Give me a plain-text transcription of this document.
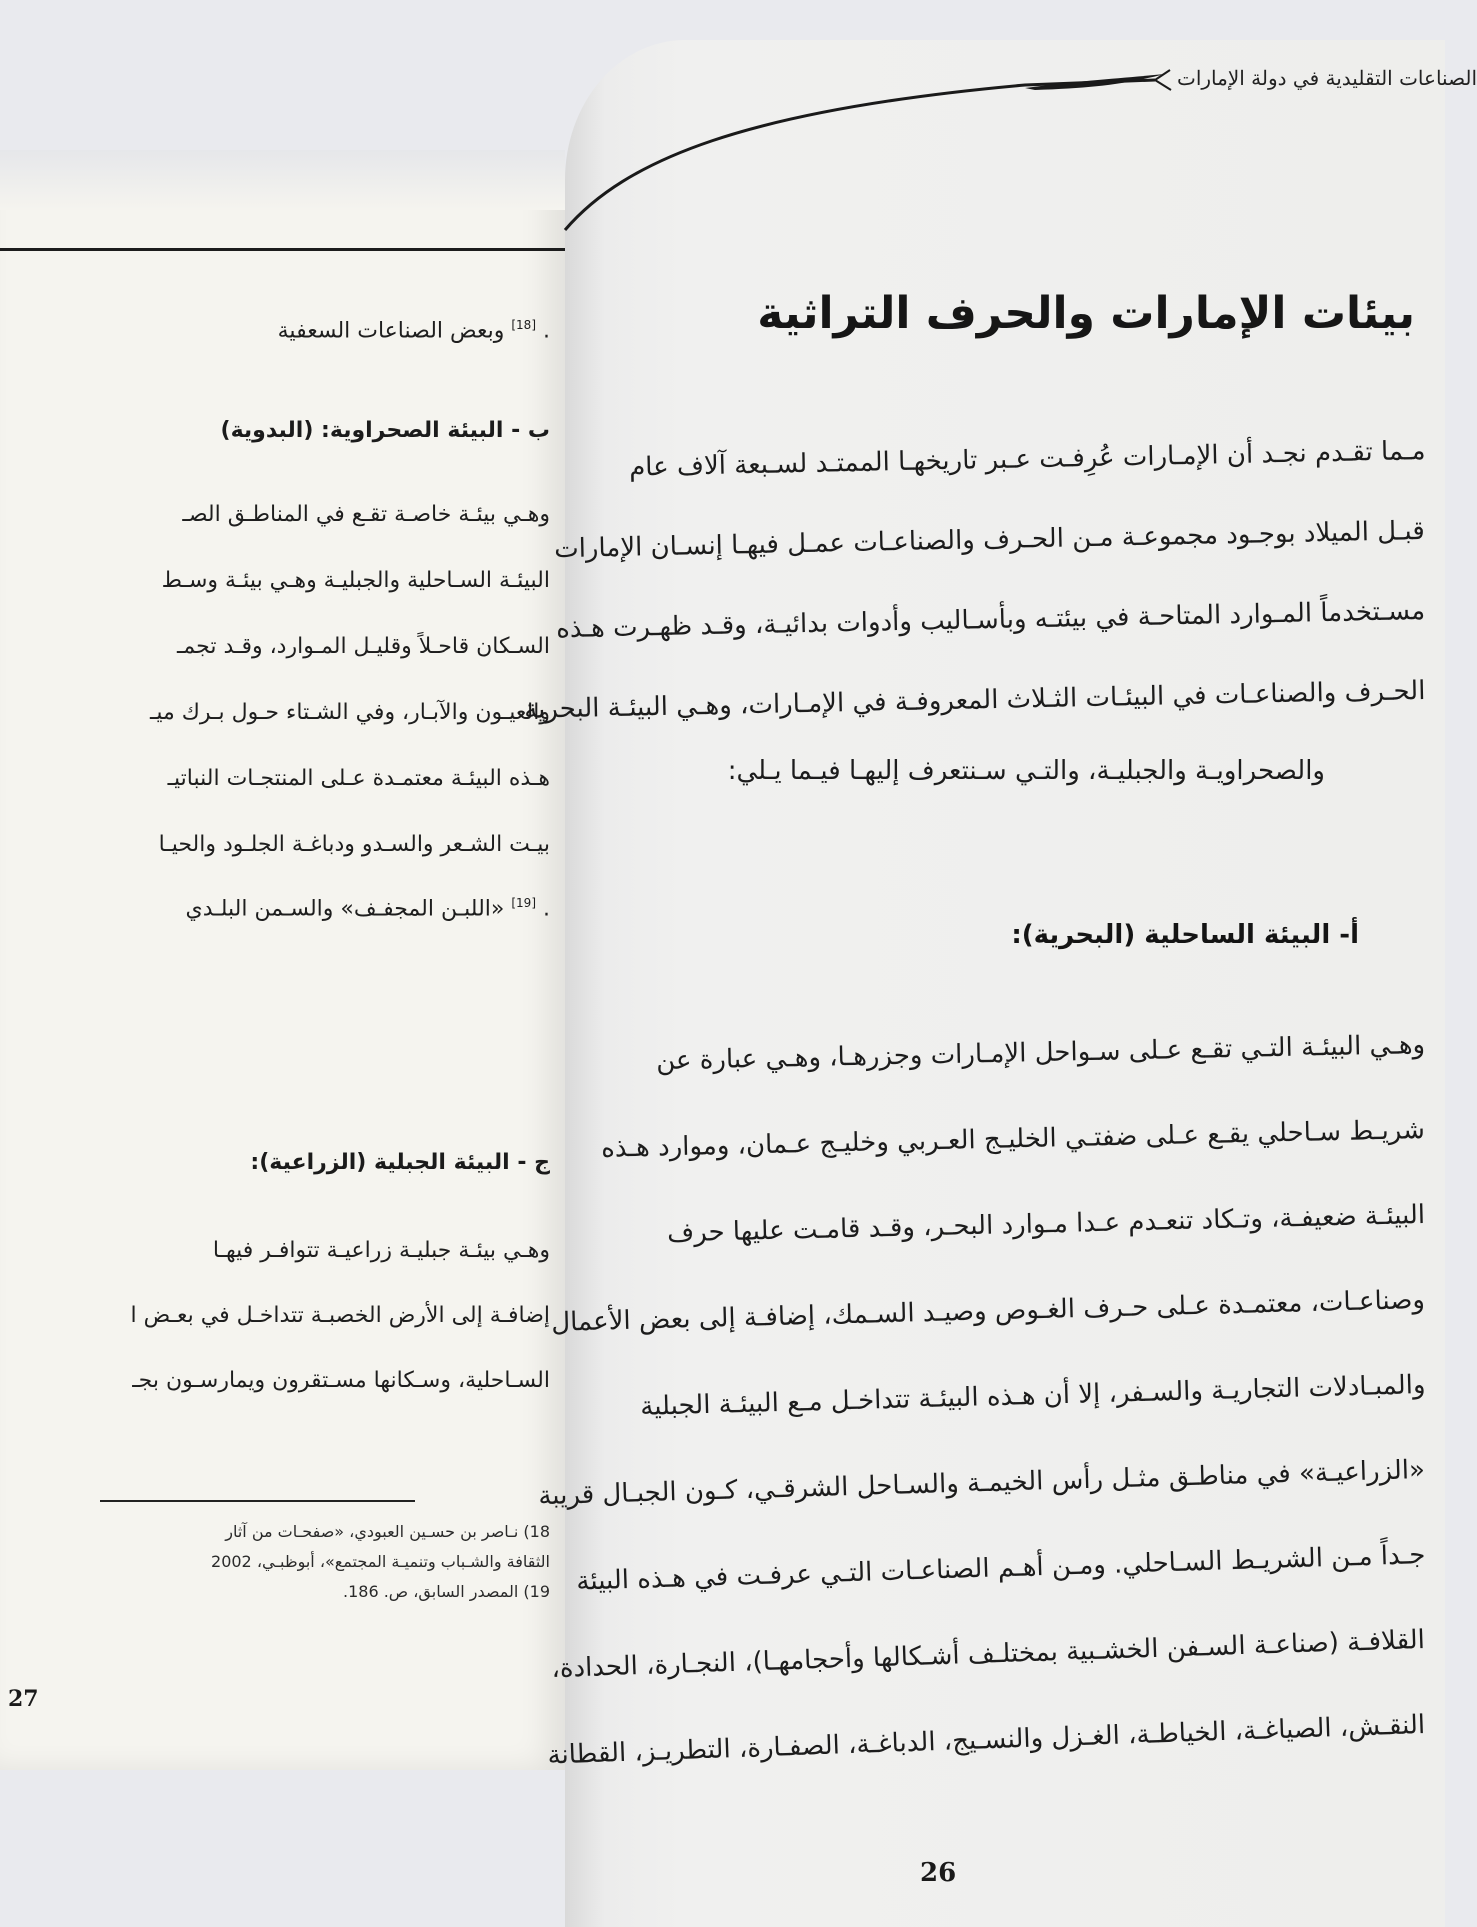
. [18] وبعض الصناعات السعفية
ب - البيئة الصحراوية: (البدوية)
وهـي بيئـة خاصـة تقـع في المناطـق الصـ
البيئـة السـاحلية والجبليـة وهـي بيئـة وسـط
السـكان قاحـلاً وقليـل المـوارد، وقـد تجمـ
والعيـون والآبـار، وفي الشـتاء حـول بـرك ميـ
هـذه البيئـة معتمـدة عـلى المنتجـات النباتيـ
بيـت الشـعر والسـدو ودباغـة الجلـود والحيـا
. [19] «اللبـن المجفـف» والسـمن البلـدي
ج - البيئة الجبلية (الزراعية):
وهـي بيئـة جبليـة زراعيـة تتوافـر فيهـا
إضافـة إلى الأرض الخصبـة تتداخـل في بعـض ا
السـاحلية، وسـكانها مسـتقرون ويمارسـون بجـ
18) نـاصر بن حسـين العبودي، «صفحـات من آثار
الثقافة والشـباب وتنميـة المجتمع»، أبوظبـي، 2002
19) المصدر السابق، ص. 186.
27
الصناعات التقليدية في دولة الإمارات
بيئات الإمارات والحرف التراثية
مـما تقـدم نجـد أن الإمـارات عُرِفـت عـبر تاريخهـا الممتـد لسـبعة آلاف عام
قبـل الميلاد بوجـود مجموعـة مـن الحـرف والصناعـات عمـل فيهـا إنسـان الإمارات
مسـتخدماً المـوارد المتاحـة في بيئتـه وبأسـاليب وأدوات بدائيـة، وقـد ظهـرت هـذه
الحـرف والصناعـات في البيئـات الثـلاث المعروفـة في الإمـارات، وهـي البيئـة البحرية
والصحراويـة والجبليـة، والتـي سـنتعرف إليهـا فيـما يـلي:
أ- البيئة الساحلية (البحرية):
وهـي البيئـة التـي تقـع عـلى سـواحل الإمـارات وجزرهـا، وهـي عبارة عن
شريـط سـاحلي يقـع عـلى ضفتـي الخليـج العـربي وخليـج عـمان، وموارد هـذه
البيئـة ضعيفـة، وتـكاد تنعـدم عـدا مـوارد البحـر، وقـد قامـت عليها حرف
وصناعـات، معتمـدة عـلى حـرف الغـوص وصيـد السـمك، إضافـة إلى بعض الأعمال
والمبـادلات التجاريـة والسـفر، إلا أن هـذه البيئـة تتداخـل مـع البيئـة الجبلية
«الزراعيـة» في مناطـق مثـل رأس الخيمـة والسـاحل الشرقـي، كـون الجبـال قريبة
جـداً مـن الشريـط السـاحلي. ومـن أهـم الصناعـات التـي عرفـت في هـذه البيئة
القلافـة (صناعـة السـفن الخشـبية بمختلـف أشـكالها وأحجامهـا)، النجـارة، الحدادة،
النقـش، الصياغـة، الخياطـة، الغـزل والنسـيج، الدباغـة، الصفـارة، التطريـز، القطانة
26
